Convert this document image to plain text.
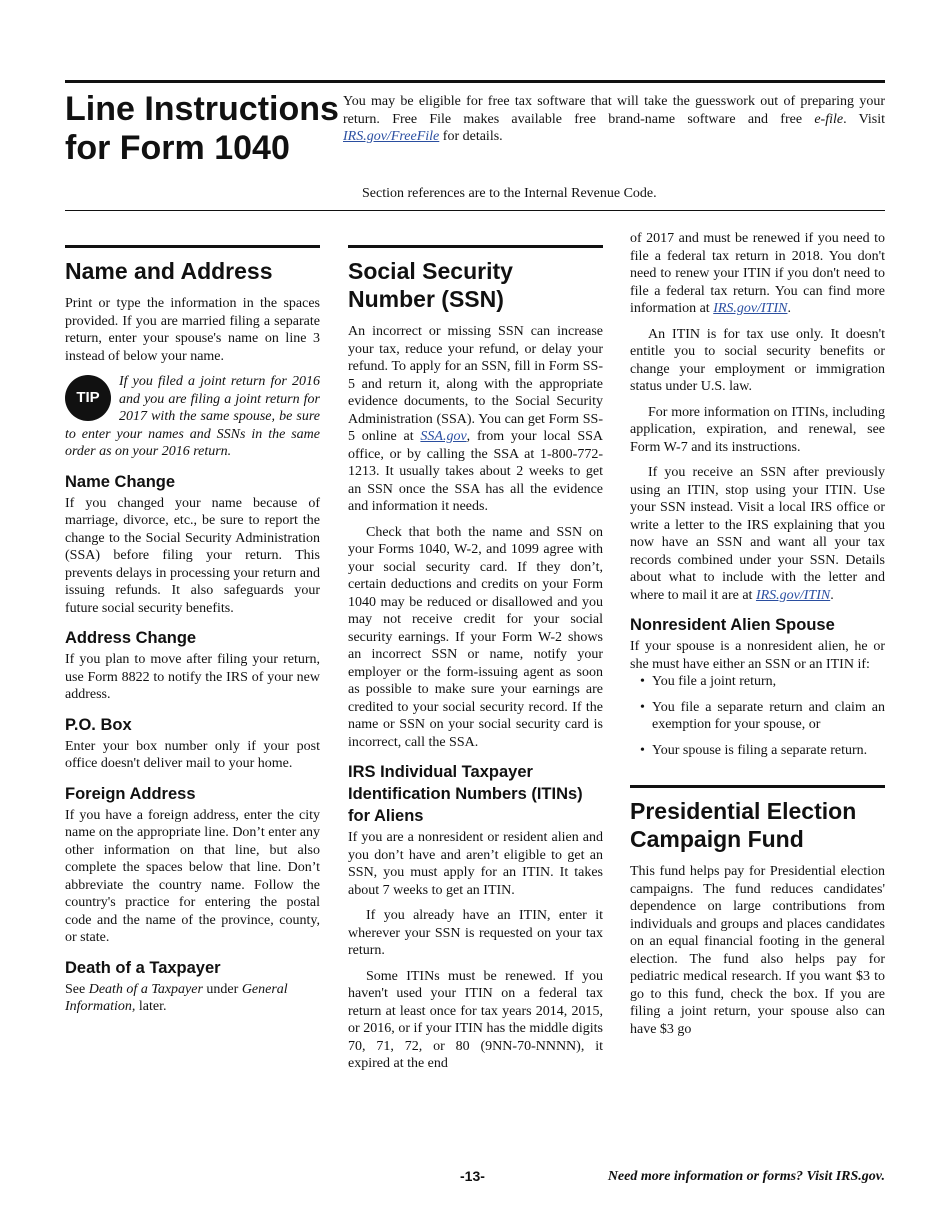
Line Instructions for Form 1040

You may be eligible for free tax software that will take the guesswork out of preparing your return. Free File makes available free brand-name software and free e-file. Visit IRS.gov/FreeFile for details.

Section references are to the Internal Revenue Code.

Name and Address

Print or type the information in the spaces provided. If you are married filing a separate return, enter your spouse's name on line 3 instead of below your name.

TIP
If you filed a joint return for 2016 and you are filing a joint return for 2017 with the same spouse, be sure to enter your names and SSNs in the same order as on your 2016 return.
Name Change

If you changed your name because of marriage, divorce, etc., be sure to report the change to the Social Security Administration (SSA) before filing your return. This prevents delays in processing your return and issuing refunds. It also safeguards your future social security benefits.

Address Change

If you plan to move after filing your return, use Form 8822 to notify the IRS of your new address.

P.O. Box

Enter your box number only if your post office doesn't deliver mail to your home.

Foreign Address

If you have a foreign address, enter the city name on the appropriate line. Don’t enter any other information on that line, but also complete the spaces below that line. Don’t abbreviate the country name. Follow the country's practice for entering the postal code and the name of the province, county, or state.

Death of a Taxpayer

See Death of a Taxpayer under General Information, later.

Social Security Number (SSN)

An incorrect or missing SSN can increase your tax, reduce your refund, or delay your refund. To apply for an SSN, fill in Form SS-5 and return it, along with the appropriate evidence documents, to the Social Security Administration (SSA). You can get Form SS-5 online at SSA.gov, from your local SSA office, or by calling the SSA at 1-800-772-1213. It usually takes about 2 weeks to get an SSN once the SSA has all the evidence and information it needs.

Check that both the name and SSN on your Forms 1040, W-2, and 1099 agree with your social security card. If they don’t, certain deductions and credits on your Form 1040 may be reduced or disallowed and you may not receive credit for your social security earnings. If your Form W-2 shows an incorrect SSN or name, notify your employer or the form-issuing agent as soon as possible to make sure your earnings are credited to your social security record. If the name or SSN on your social security card is incorrect, call the SSA.

IRS Individual Taxpayer Identification Numbers (ITINs) for Aliens

If you are a nonresident or resident alien and you don’t have and aren’t eligible to get an SSN, you must apply for an ITIN. It takes about 7 weeks to get an ITIN.

If you already have an ITIN, enter it wherever your SSN is requested on your tax return.

Some ITINs must be renewed. If you haven't used your ITIN on a federal tax return at least once for tax years 2014, 2015, or 2016, or if your ITIN has the middle digits 70, 71, 72, or 80 (9NN-70-NNNN), it expired at the end

of 2017 and must be renewed if you need to file a federal tax return in 2018. You don't need to renew your ITIN if you don't need to file a federal tax return. You can find more information at IRS.gov/ITIN.

An ITIN is for tax use only. It doesn't entitle you to social security benefits or change your employment or immigration status under U.S. law.

For more information on ITINs, including application, expiration, and renewal, see Form W-7 and its instructions.

If you receive an SSN after previously using an ITIN, stop using your ITIN. Use your SSN instead. Visit a local IRS office or write a letter to the IRS explaining that you now have an SSN and want all your tax records combined under your SSN. Details about what to include with the letter and where to mail it are at IRS.gov/ITIN.

Nonresident Alien Spouse

If your spouse is a nonresident alien, he or she must have either an SSN or an ITIN if:

• You file a joint return,

• You file a separate return and claim an exemption for your spouse, or

• Your spouse is filing a separate return.

Presidential Election Campaign Fund

This fund helps pay for Presidential election campaigns. The fund reduces candidates' dependence on large contributions from individuals and groups and places candidates on an equal financial footing in the general election. The fund also helps pay for pediatric medical research. If you want $3 to go to this fund, check the box. If you are filing a joint return, your spouse also can have $3 go

-13-	Need more information or forms? Visit IRS.gov.
